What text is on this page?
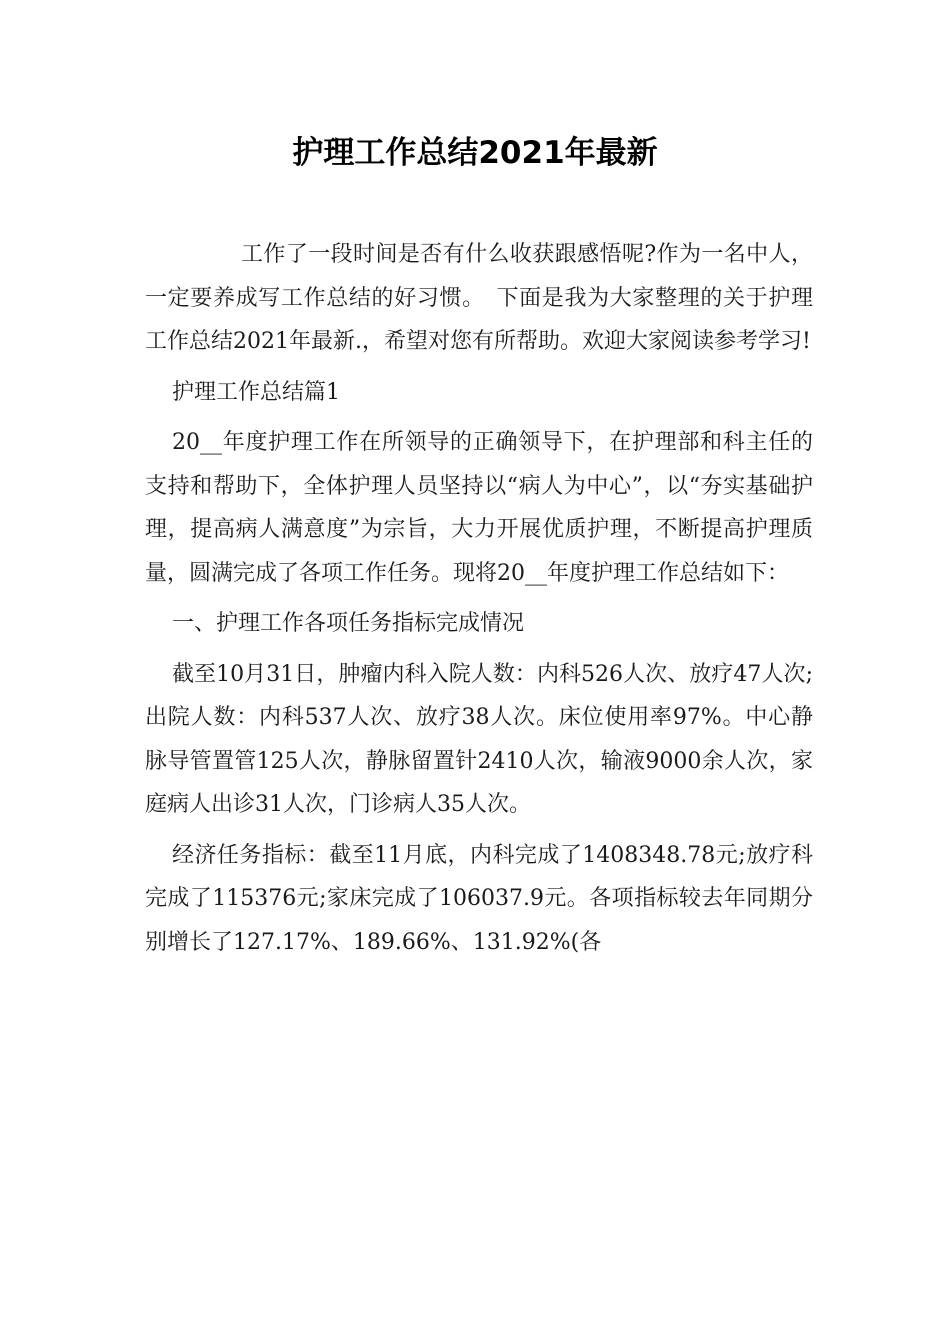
护理工作总结2021年最新

工作了一段时间是否有什么收获跟感悟呢?作为一名中人，一定要养成写工作总结的好习惯。　下面是我为大家整理的关于护理工作总结2021年最新.，希望对您有所帮助。欢迎大家阅读参考学习!

护理工作总结篇1

20__年度护理工作在所领导的正确领导下，在护理部和科主任的支持和帮助下，全体护理人员坚持以“病人为中心”，以“夯实基础护理，提高病人满意度”为宗旨，大力开展优质护理，不断提高护理质量，圆满完成了各项工作任务。现将20__年度护理工作总结如下：

一、护理工作各项任务指标完成情况

截至10月31日，肿瘤内科入院人数：内科526人次、放疗47人次;出院人数：内科537人次、放疗38人次。床位使用率97%。中心静脉导管置管125人次，静脉留置针2410人次，输液9000余人次，家庭病人出诊31人次，门诊病人35人次。

经济任务指标：截至11月底，内科完成了1408348.78元;放疗科完成了115376元;家床完成了106037.9元。各项指标较去年同期分别增长了127.17%、189.66%、131.92%(各
